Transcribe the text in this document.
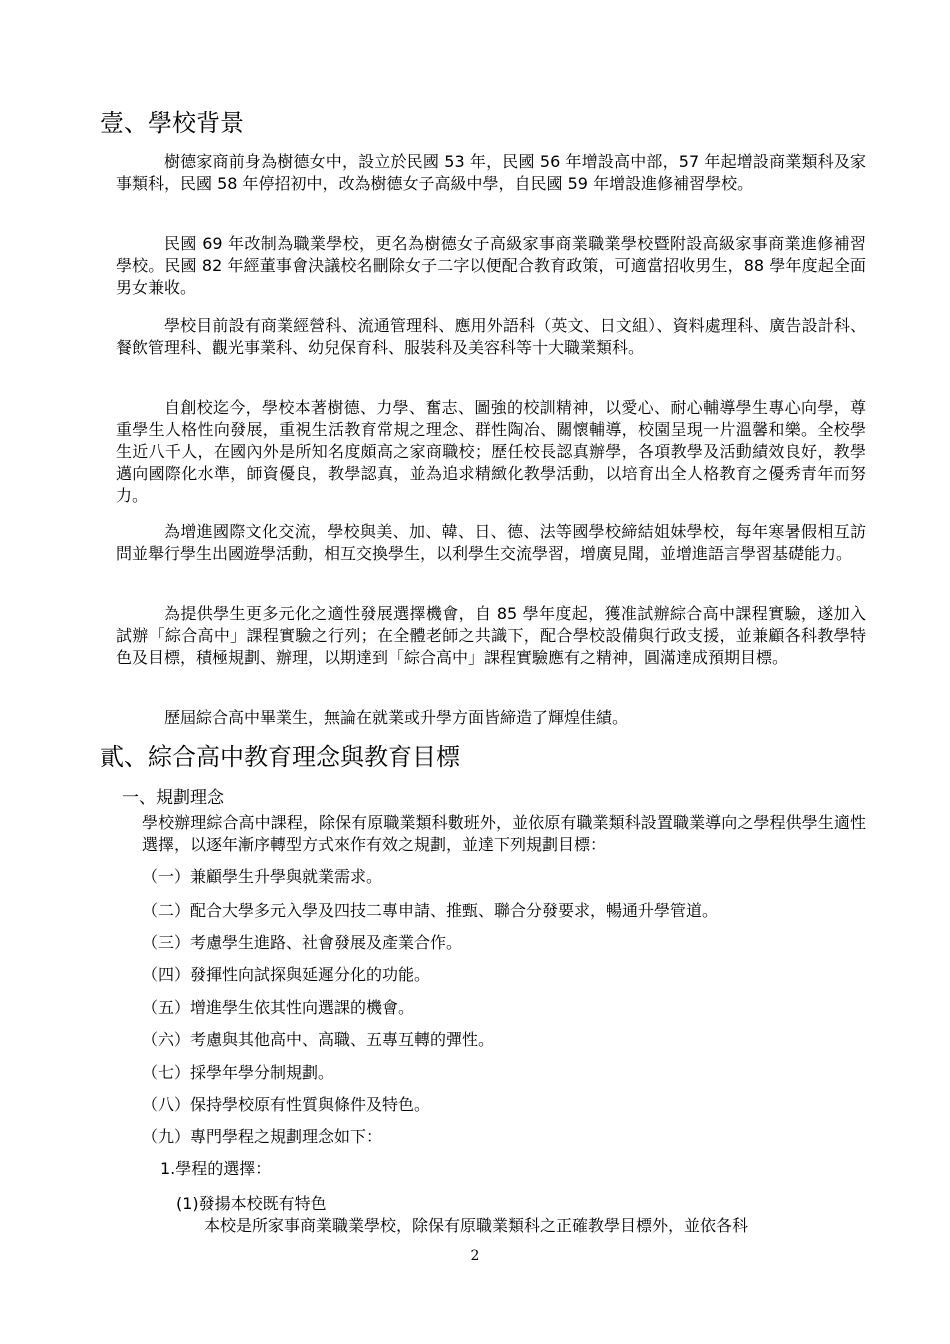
壹、學校背景
樹德家商前身為樹德女中，設立於民國 53 年，民國 56 年增設高中部，57 年起增設商業類科及家事類科，民國 58 年停招初中，改為樹德女子高級中學，自民國 59 年增設進修補習學校。
民國 69 年改制為職業學校，更名為樹德女子高級家事商業職業學校暨附設高級家事商業進修補習學校。民國 82 年經董事會決議校名刪除女子二字以便配合教育政策，可適當招收男生，88 學年度起全面男女兼收。
學校目前設有商業經營科、流通管理科、應用外語科（英文、日文組）、資料處理科、廣告設計科、餐飲管理科、觀光事業科、幼兒保育科、服裝科及美容科等十大職業類科。
自創校迄今，學校本著樹德、力學、奮志、圖強的校訓精神，以愛心、耐心輔導學生專心向學，尊重學生人格性向發展，重視生活教育常規之理念、群性陶冶、關懷輔導，校園呈現一片溫馨和樂。全校學生近八千人，在國內外是所知名度頗高之家商職校；歷任校長認真辦學，各項教學及活動績效良好，教學邁向國際化水準，師資優良，教學認真，並為追求精緻化教學活動，以培育出全人格教育之優秀青年而努力。
為增進國際文化交流，學校與美、加、韓、日、德、法等國學校締結姐妹學校，每年寒暑假相互訪問並舉行學生出國遊學活動，相互交換學生，以利學生交流學習，增廣見聞，並增進語言學習基礎能力。
為提供學生更多元化之適性發展選擇機會，自 85 學年度起，獲准試辦綜合高中課程實驗，遂加入試辦「綜合高中」課程實驗之行列；在全體老師之共識下，配合學校設備與行政支援，並兼顧各科教學特色及目標，積極規劃、辦理，以期達到「綜合高中」課程實驗應有之精神，圓滿達成預期目標。
歷屆綜合高中畢業生，無論在就業或升學方面皆締造了輝煌佳績。
貳、綜合高中教育理念與教育目標
一、規劃理念
學校辦理綜合高中課程，除保有原職業類科數班外，並依原有職業類科設置職業導向之學程供學生適性選擇，以逐年漸序轉型方式來作有效之規劃，並達下列規劃目標：
（一）兼顧學生升學與就業需求。
（二）配合大學多元入學及四技二專申請、推甄、聯合分發要求，暢通升學管道。
（三）考慮學生進路、社會發展及產業合作。
（四）發揮性向試探與延遲分化的功能。
（五）增進學生依其性向選課的機會。
（六）考慮與其他高中、高職、五專互轉的彈性。
（七）採學年學分制規劃。
（八）保持學校原有性質與條件及特色。
（九）專門學程之規劃理念如下：
1.學程的選擇：
(1)發揚本校既有特色
本校是所家事商業職業學校，除保有原職業類科之正確教學目標外，並依各科
2
